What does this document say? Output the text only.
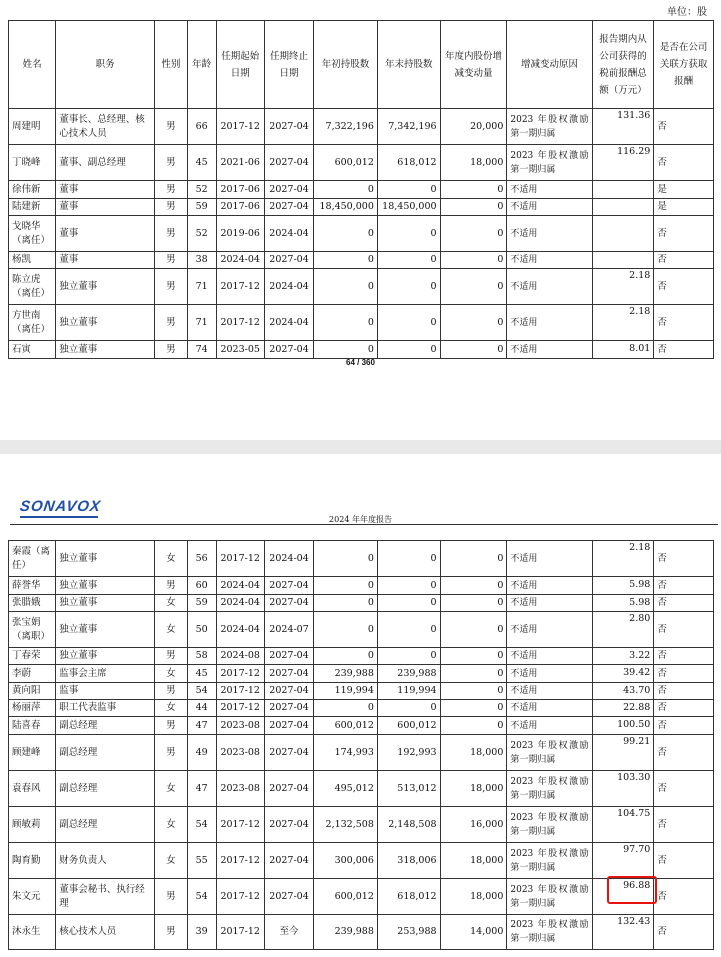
单位：股
姓名	职务	性别	年龄	任期起始日期	任期终止日期	年初持股数	年末持股数	年度内股份增减变动量	增减变动原因	报告期内从公司获得的税前报酬总额（万元）	是否在公司关联方获取报酬
周建明	董事长、总经理、核心技术人员	男	66	2017-12	2027-04	7,322,196	7,342,196	20,000	2023 年股权激励第一期归属	131.36	否
丁晓峰	董事、副总经理	男	45	2021-06	2027-04	600,012	618,012	18,000	2023 年股权激励第一期归属	116.29	否
徐伟新	董事	男	52	2017-06	2027-04	0	0	0	不适用		是
陆建新	董事	男	59	2017-06	2027-04	18,450,000	18,450,000	0	不适用		是
戈晓华（离任）	董事	男	52	2019-06	2024-04	0	0	0	不适用		否
杨凯	董事	男	38	2024-04	2027-04	0	0	0	不适用		否
陈立虎（离任）	独立董事	男	71	2017-12	2024-04	0	0	0	不适用	2.18	否
方世南（离任）	独立董事	男	71	2017-12	2024-04	0	0	0	不适用	2.18	否
石寅	独立董事	男	74	2023-05	2027-04	0	0	0	不适用	8.01	否
64 / 360
SONAVOX
2024 年年度报告
秦霞（离任）	独立董事	女	56	2017-12	2024-04	0	0	0	不适用	2.18	否
薛誉华	独立董事	男	60	2024-04	2027-04	0	0	0	不适用	5.98	否
张腊娥	独立董事	女	59	2024-04	2027-04	0	0	0	不适用	5.98	否
张宝娟（离职）	独立董事	女	50	2024-04	2024-07	0	0	0	不适用	2.80	否
丁春荣	独立董事	男	58	2024-08	2027-04	0	0	0	不适用	3.22	否
李蔚	监事会主席	女	45	2017-12	2027-04	239,988	239,988	0	不适用	39.42	否
黄向阳	监事	男	54	2017-12	2027-04	119,994	119,994	0	不适用	43.70	否
杨丽萍	职工代表监事	女	44	2017-12	2027-04	0	0	0	不适用	22.88	否
陆喜春	副总经理	男	47	2023-08	2027-04	600,012	600,012	0	不适用	100.50	否
顾建峰	副总经理	男	49	2023-08	2027-04	174,993	192,993	18,000	2023 年股权激励第一期归属	99.21	否
袁春风	副总经理	女	47	2023-08	2027-04	495,012	513,012	18,000	2023 年股权激励第一期归属	103.30	否
顾敏莉	副总经理	女	54	2017-12	2027-04	2,132,508	2,148,508	16,000	2023 年股权激励第一期归属	104.75	否
陶育勤	财务负责人	女	55	2017-12	2027-04	300,006	318,006	18,000	2023 年股权激励第一期归属	97.70	否
朱文元	董事会秘书、执行经理	男	54	2017-12	2027-04	600,012	618,012	18,000	2023 年股权激励第一期归属	96.88	否
沐永生	核心技术人员	男	39	2017-12	至今	239,988	253,988	14,000	2023 年股权激励第一期归属	132.43	否
